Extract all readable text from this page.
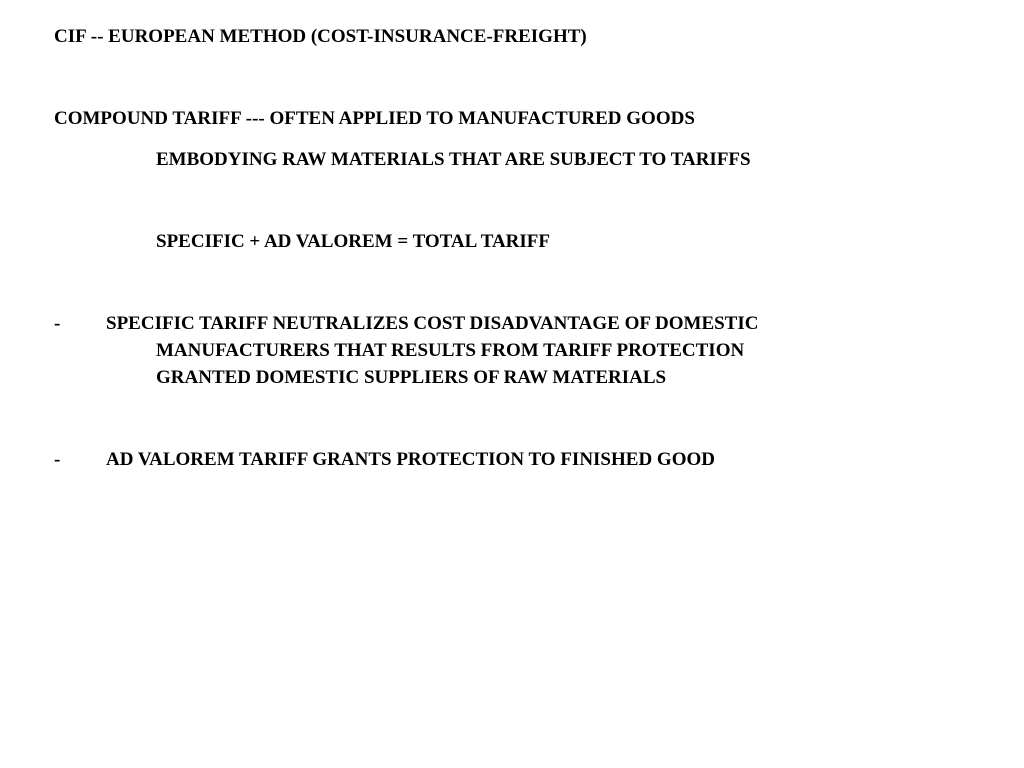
CIF -- EUROPEAN METHOD (COST-INSURANCE-FREIGHT)
COMPOUND TARIFF --- OFTEN APPLIED TO MANUFACTURED GOODS
EMBODYING RAW MATERIALS THAT ARE SUBJECT TO TARIFFS
SPECIFIC + AD VALOREM = TOTAL TARIFF
- SPECIFIC TARIFF NEUTRALIZES COST DISADVANTAGE OF DOMESTIC
MANUFACTURERS THAT RESULTS FROM TARIFF PROTECTION
GRANTED DOMESTIC SUPPLIERS OF RAW MATERIALS
- AD VALOREM TARIFF GRANTS PROTECTION TO FINISHED GOOD
